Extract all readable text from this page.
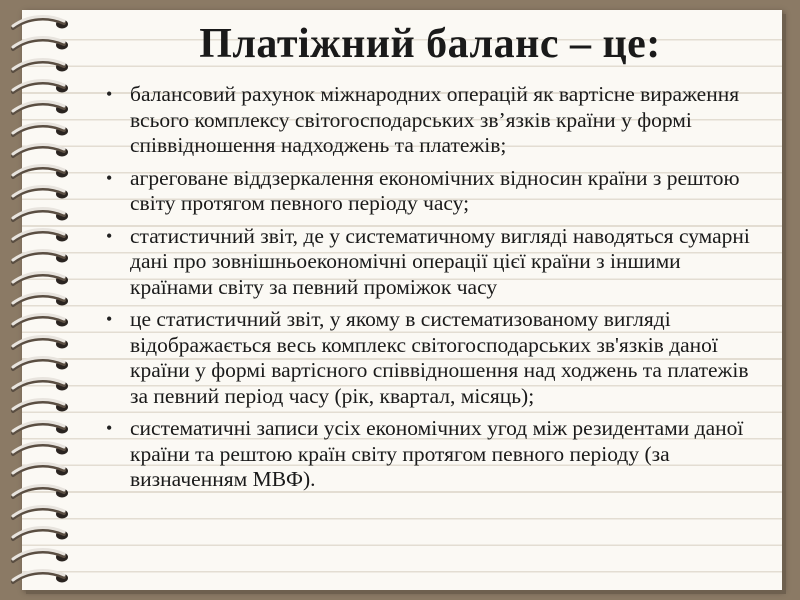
Платіжний баланс – це:
• балансовий рахунок міжнародних операцій як вартісне вираження всього комплексу світогосподарських зв’язків країни у формі співвідношення надходжень та платежів;
• агреговане віддзеркалення економічних відносин країни з рештою світу протягом певного періоду часу;
• статистичний звіт, де у систематичному вигляді наводяться сумарні дані про зовнішньоекономічні операції цієї країни з іншими країнами світу за певний проміжок часу
• це статистичний звіт, у якому в систематизованому вигляді відображається весь комплекс світогосподарських зв'язків даної країни у формі вартісного співвідношення над ходжень та платежів за певний період часу (рік, квартал, місяць);
• систематичні записи усіх економічних угод між резидентами даної країни та рештою країн світу протягом певного періоду (за визначенням МВФ).
